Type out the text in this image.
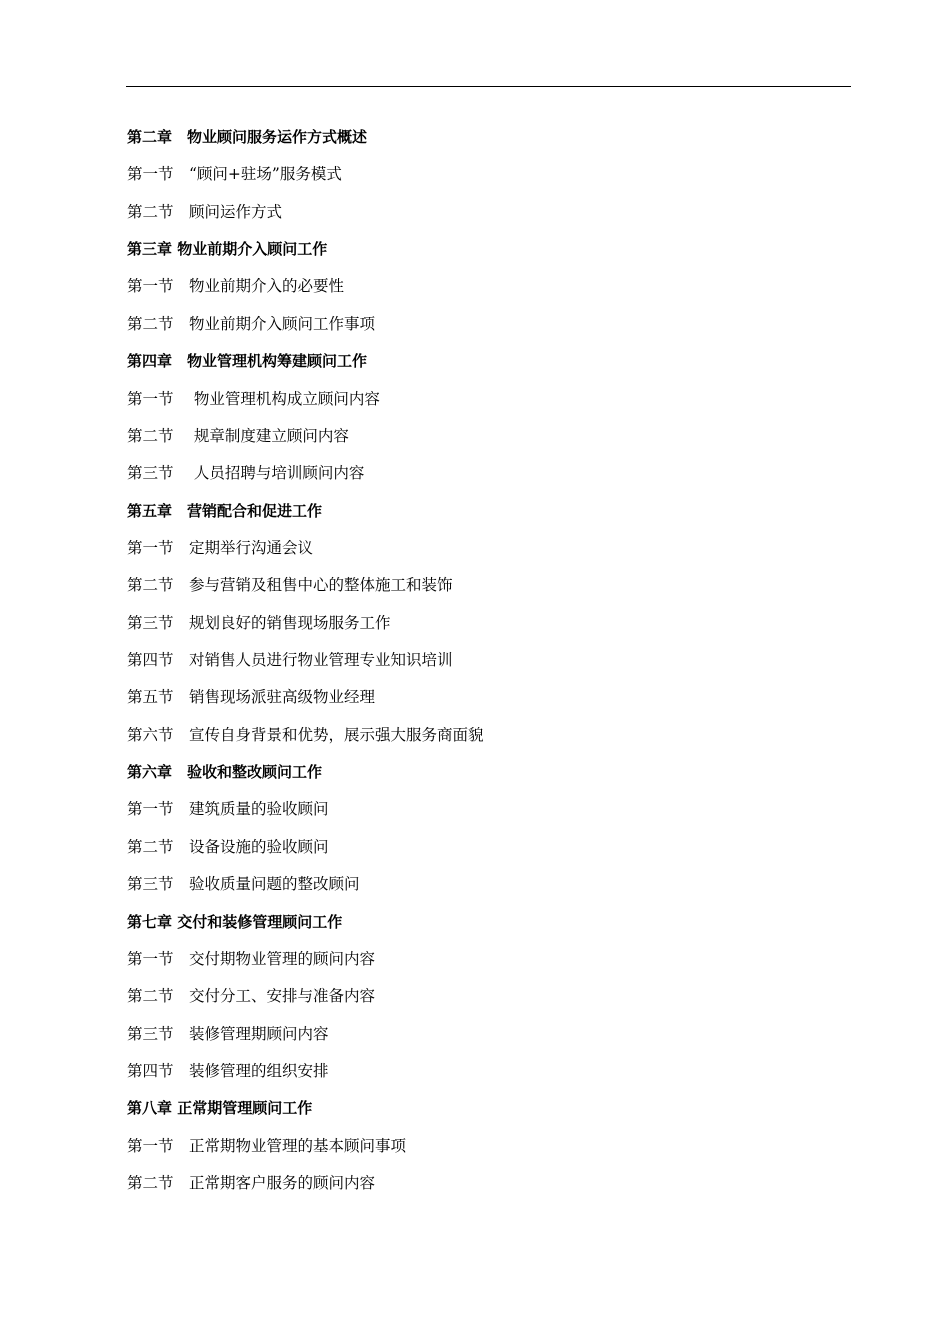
第二章　物业顾问服务运作方式概述
第一节　“顾问+驻场”服务模式
第二节　顾问运作方式
第三章 物业前期介入顾问工作
第一节　物业前期介入的必要性
第二节　物业前期介入顾问工作事项
第四章　物业管理机构筹建顾问工作
第一节　 物业管理机构成立顾问内容
第二节　 规章制度建立顾问内容
第三节　 人员招聘与培训顾问内容
第五章　营销配合和促进工作
第一节　定期举行沟通会议
第二节　参与营销及租售中心的整体施工和装饰
第三节　规划良好的销售现场服务工作
第四节　对销售人员进行物业管理专业知识培训
第五节　销售现场派驻高级物业经理
第六节　宣传自身背景和优势，展示强大服务商面貌
第六章　验收和整改顾问工作
第一节　建筑质量的验收顾问
第二节　设备设施的验收顾问
第三节　验收质量问题的整改顾问
第七章 交付和装修管理顾问工作
第一节　交付期物业管理的顾问内容
第二节　交付分工、安排与准备内容
第三节　装修管理期顾问内容
第四节　装修管理的组织安排
第八章 正常期管理顾问工作
第一节　正常期物业管理的基本顾问事项
第二节　正常期客户服务的顾问内容
